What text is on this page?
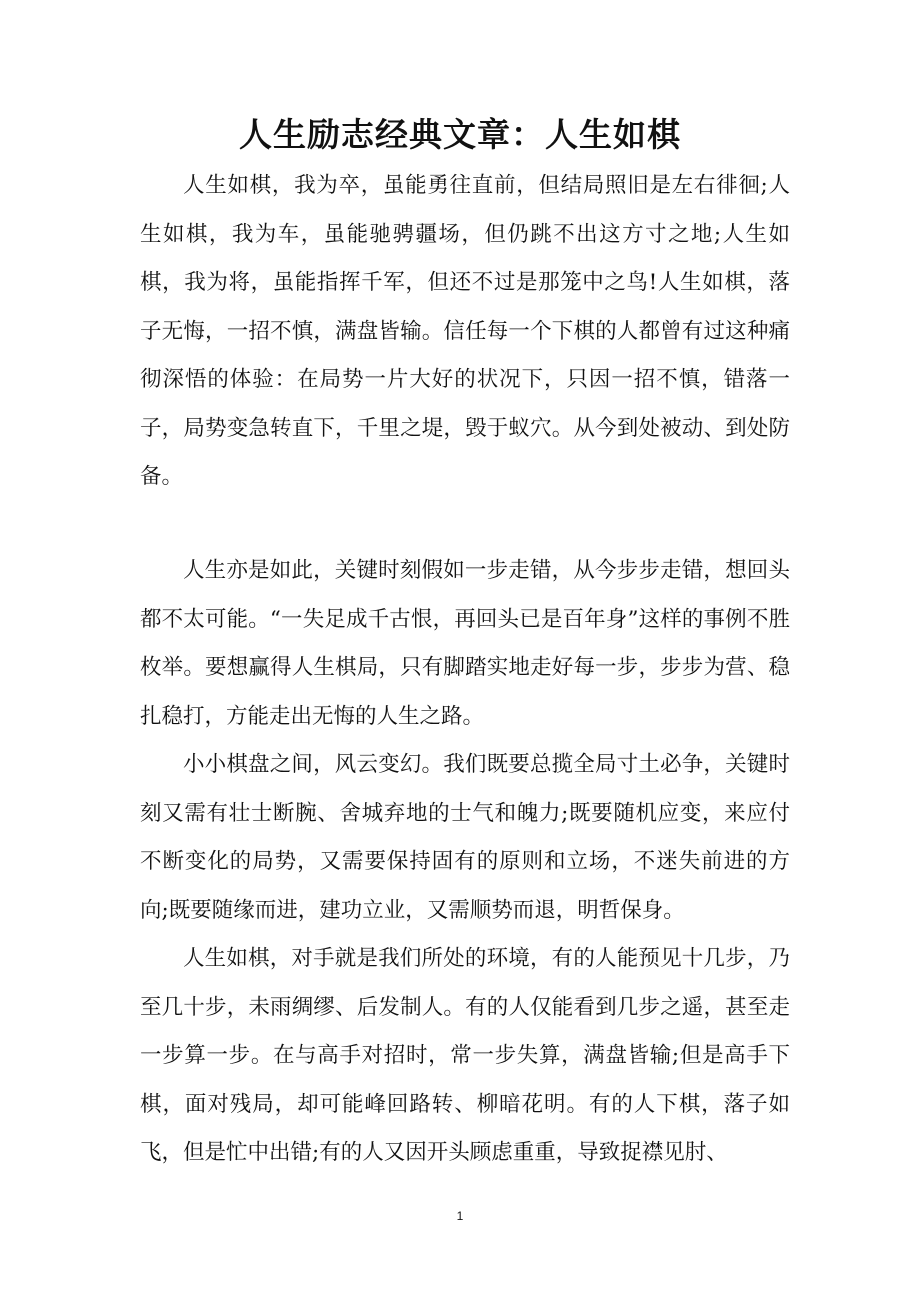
人生励志经典文章：人生如棋

人生如棋，我为卒，虽能勇往直前，但结局照旧是左右徘徊;人生如棋，我为车，虽能驰骋疆场，但仍跳不出这方寸之地;人生如棋，我为将，虽能指挥千军，但还不过是那笼中之鸟!人生如棋，落子无悔，一招不慎，满盘皆输。信任每一个下棋的人都曾有过这种痛彻深悟的体验：在局势一片大好的状况下，只因一招不慎，错落一子，局势变急转直下，千里之堤，毁于蚁穴。从今到处被动、到处防备。

人生亦是如此，关键时刻假如一步走错，从今步步走错，想回头都不太可能。“一失足成千古恨，再回头已是百年身”这样的事例不胜枚举。要想赢得人生棋局，只有脚踏实地走好每一步，步步为营、稳扎稳打，方能走出无悔的人生之路。

小小棋盘之间，风云变幻。我们既要总揽全局寸土必争，关键时刻又需有壮士断腕、舍城弃地的士气和魄力;既要随机应变，来应付不断变化的局势，又需要保持固有的原则和立场，不迷失前进的方向;既要随缘而进，建功立业，又需顺势而退，明哲保身。

人生如棋，对手就是我们所处的环境，有的人能预见十几步，乃至几十步，未雨绸缪、后发制人。有的人仅能看到几步之遥，甚至走一步算一步。在与高手对招时，常一步失算，满盘皆输;但是高手下棋，面对残局，却可能峰回路转、柳暗花明。有的人下棋，落子如飞，但是忙中出错;有的人又因开头顾虑重重，导致捉襟见肘、

1
